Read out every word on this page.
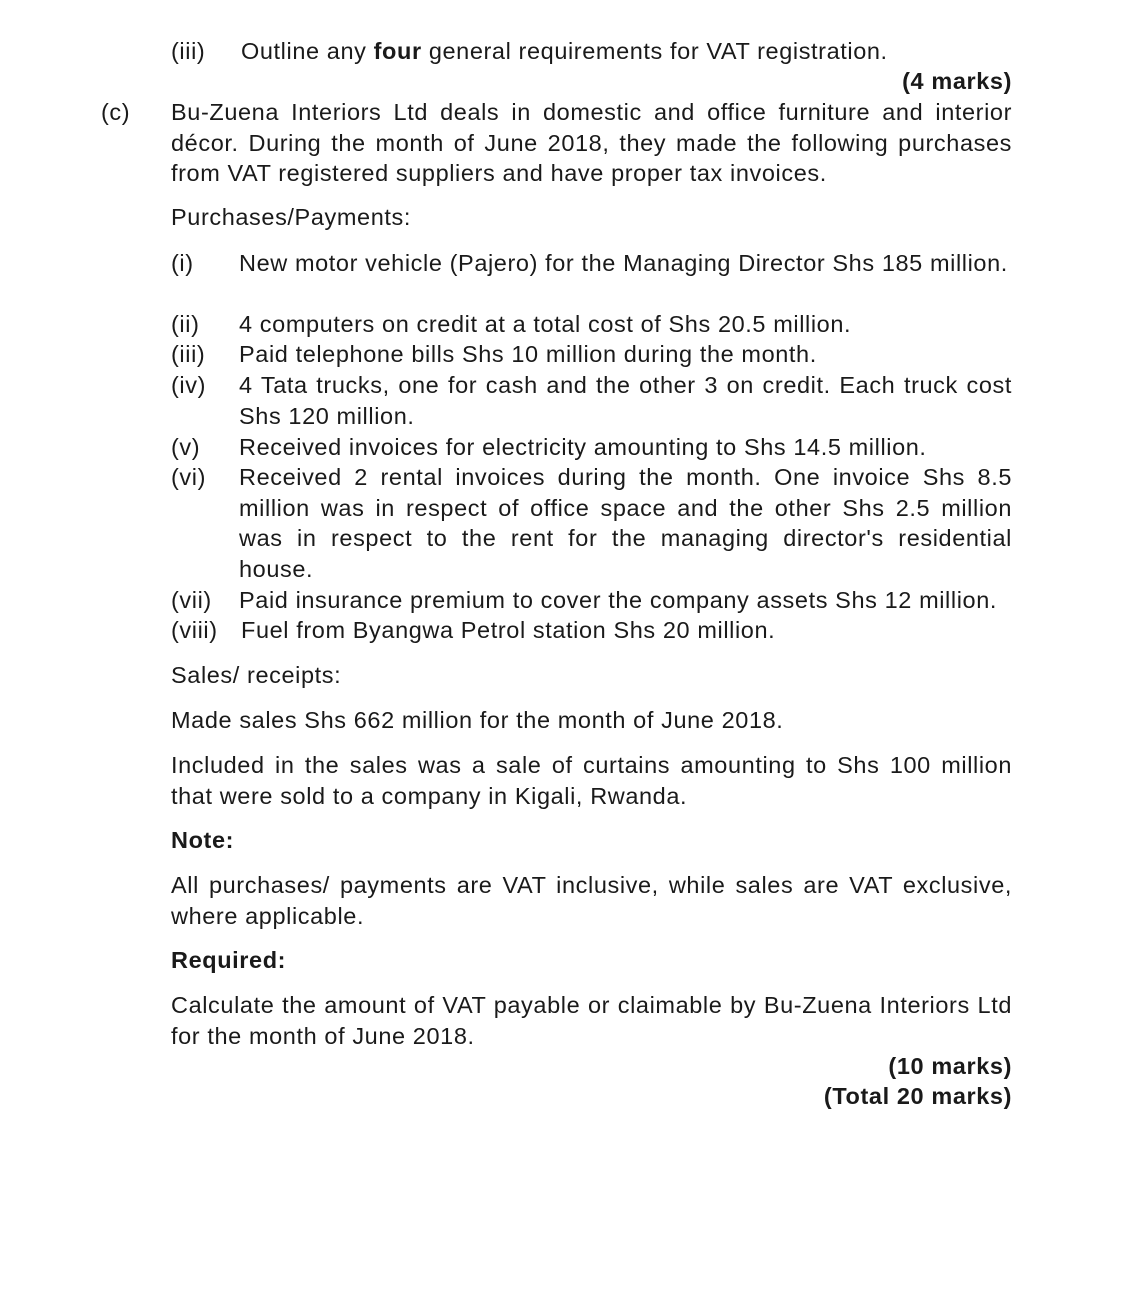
(iii) Outline any four general requirements for VAT registration.
(4 marks)
(c) Bu-Zuena Interiors Ltd deals in domestic and office furniture and interior décor. During the month of June 2018, they made the following purchases from VAT registered suppliers and have proper tax invoices.
Purchases/Payments:
(i) New motor vehicle (Pajero) for the Managing Director Shs 185 million.
(ii) 4 computers on credit at a total cost of Shs 20.5 million.
(iii) Paid telephone bills Shs 10 million during the month.
(iv) 4 Tata trucks, one for cash and the other 3 on credit. Each truck cost Shs 120 million.
(v) Received invoices for electricity amounting to Shs 14.5 million.
(vi) Received 2 rental invoices during the month. One invoice Shs 8.5 million was in respect of office space and the other Shs 2.5 million was in respect to the rent for the managing director's residential house.
(vii) Paid insurance premium to cover the company assets Shs 12 million.
(viii) Fuel from Byangwa Petrol station Shs 20 million.
Sales/ receipts:
Made sales Shs 662 million for the month of June 2018.
Included in the sales was a sale of curtains amounting to Shs 100 million that were sold to a company in Kigali, Rwanda.
Note:
All purchases/ payments are VAT inclusive, while sales are VAT exclusive, where applicable.
Required:
Calculate the amount of VAT payable or claimable by Bu-Zuena Interiors Ltd for the month of June 2018.
(10 marks)
(Total 20 marks)
